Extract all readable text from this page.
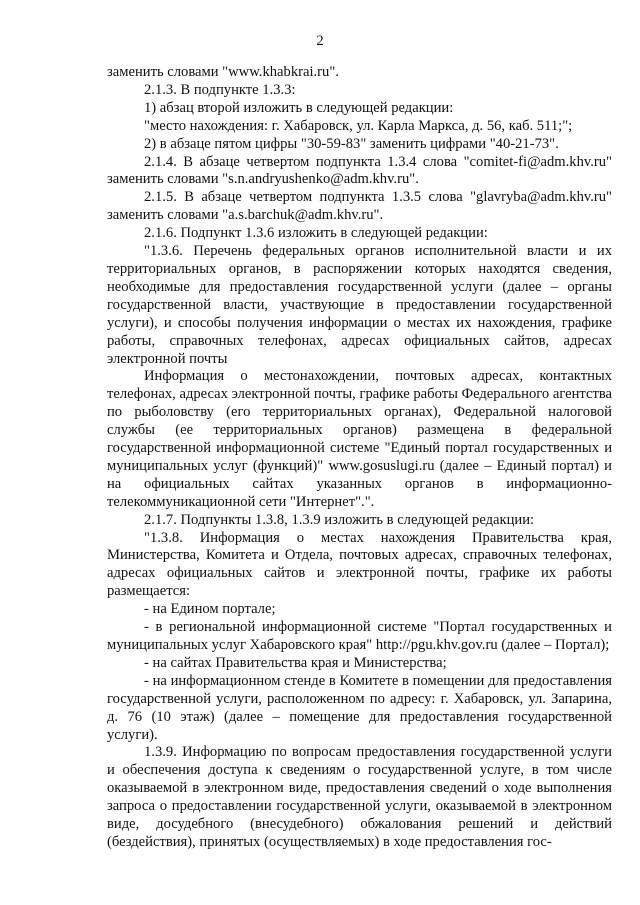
2

заменить словами "www.khabkrai.ru".

2.1.3. В подпункте 1.3.3:

1) абзац второй изложить в следующей редакции:

"место нахождения: г. Хабаровск, ул. Карла Маркса, д. 56, каб. 511;";

2) в абзаце пятом цифры "30-59-83" заменить цифрами "40-21-73".

2.1.4. В абзаце четвертом подпункта 1.3.4 слова "comitet-fi@adm.khv.ru" заменить словами "s.n.andryushenko@adm.khv.ru".

2.1.5. В абзаце четвертом подпункта 1.3.5 слова "glavryba@adm.khv.ru" заменить словами "a.s.barchuk@adm.khv.ru".

2.1.6. Подпункт 1.3.6 изложить в следующей редакции:

"1.3.6. Перечень федеральных органов исполнительной власти и их территориальных органов, в распоряжении которых находятся сведения, необходимые для предоставления государственной услуги (далее – органы государственной власти, участвующие в предоставлении государственной услуги), и способы получения информации о местах их нахождения, графике работы, справочных телефонах, адресах официальных сайтов, адресах электронной почты

Информация о местонахождении, почтовых адресах, контактных телефонах, адресах электронной почты, графике работы Федерального агентства по рыболовству (его территориальных органах), Федеральной налоговой службы (ее территориальных органов) размещена в федеральной государственной информационной системе "Единый портал государственных и муниципальных услуг (функций)" www.gosuslugi.ru (далее – Единый портал) и на официальных сайтах указанных органов в информационно-телекоммуникационной сети "Интернет".".

2.1.7. Подпункты 1.3.8, 1.3.9 изложить в следующей редакции:

"1.3.8. Информация о местах нахождения Правительства края, Министерства, Комитета и Отдела, почтовых адресах, справочных телефонах, адресах официальных сайтов и электронной почты, графике их работы размещается:

- на Едином портале;

- в региональной информационной системе "Портал государственных и муниципальных услуг Хабаровского края" http://pgu.khv.gov.ru (далее – Портал);

- на сайтах Правительства края и Министерства;

- на информационном стенде в Комитете в помещении для предоставления государственной услуги, расположенном по адресу: г. Хабаровск, ул. Запарина, д. 76 (10 этаж) (далее – помещение для предоставления государственной услуги).

1.3.9. Информацию по вопросам предоставления государственной услуги и обеспечения доступа к сведениям о государственной услуге, в том числе оказываемой в электронном виде, предоставления сведений о ходе выполнения запроса о предоставлении государственной услуги, оказываемой в электронном виде, досудебного (внесудебного) обжалования решений и действий (бездействия), принятых (осуществляемых) в ходе предоставления гос-
